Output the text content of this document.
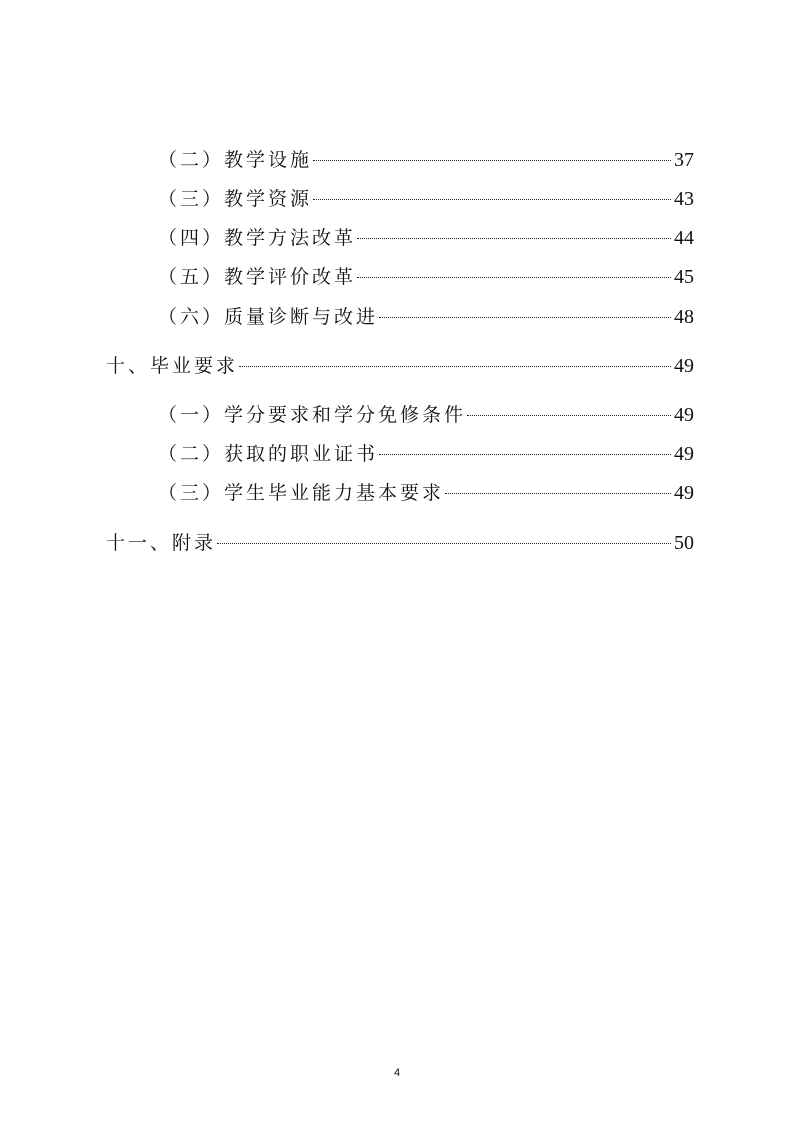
（二）教学设施	37
（三）教学资源	43
（四）教学方法改革	44
（五）教学评价改革	45
（六）质量诊断与改进	48
十、毕业要求	49
（一）学分要求和学分免修条件	49
（二）获取的职业证书	49
（三）学生毕业能力基本要求	49
十一、附录	50
4
